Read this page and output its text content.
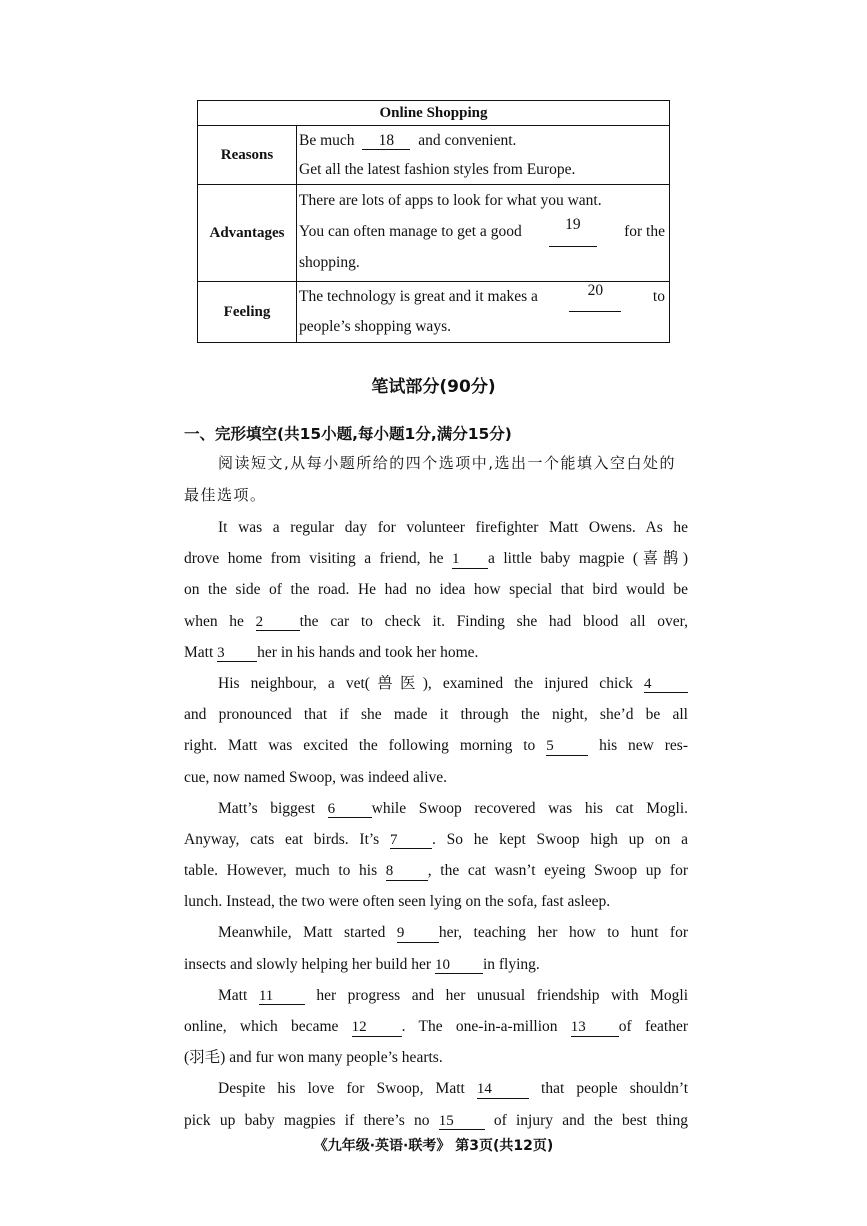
Online Shopping	
Reasons	Be much 18 and convenient.
Get all the latest fashion styles from Europe.

Advantages	There are lots of apps to look for what you want.
You can often manage to get a good 19 for the
shopping.

Feeling	The technology is great and it makes a 20 to
people’s shopping ways.
笔试部分(90分)
一、完形填空(共15小题,每小题1分,满分15分)
阅读短文,从每小题所给的四个选项中,选出一个能填入空白处的
最佳选项。
It was a regular day for volunteer firefighter Matt Owens. As he
drove home from visiting a friend, he 1 a little baby magpie (喜鹊)
on the side of the road. He had no idea how special that bird would be
when he 2 the car to check it. Finding she had blood all over,
Matt 3 her in his hands and took her home.
His neighbour, a vet(兽医), examined the injured chick 4
and pronounced that if she made it through the night, she’d be all
right. Matt was excited the following morning to 5	his new res-
cue, now named Swoop, was indeed alive.
Matt’s biggest 6 while Swoop recovered was his cat Mogli.
Anyway, cats eat birds. It’s 7 . So he kept Swoop high up on a
table. However, much to his 8 , the cat wasn’t eyeing Swoop up for
lunch. Instead, the two were often seen lying on the sofa, fast asleep.
Meanwhile, Matt started 9 her, teaching her how to hunt for
insects and slowly helping her build her 10 in flying.
Matt 11	her progress and her unusual friendship with Mogli
online, which became 12 . The one-in-a-million 13 of feather
(羽毛) and fur won many people’s hearts.
Despite his love for Swoop, Matt 14	that people shouldn’t
pick up baby magpies if there’s no 15	of injury and the best thing
《九年级·英语·联考》 第3页(共12页)
